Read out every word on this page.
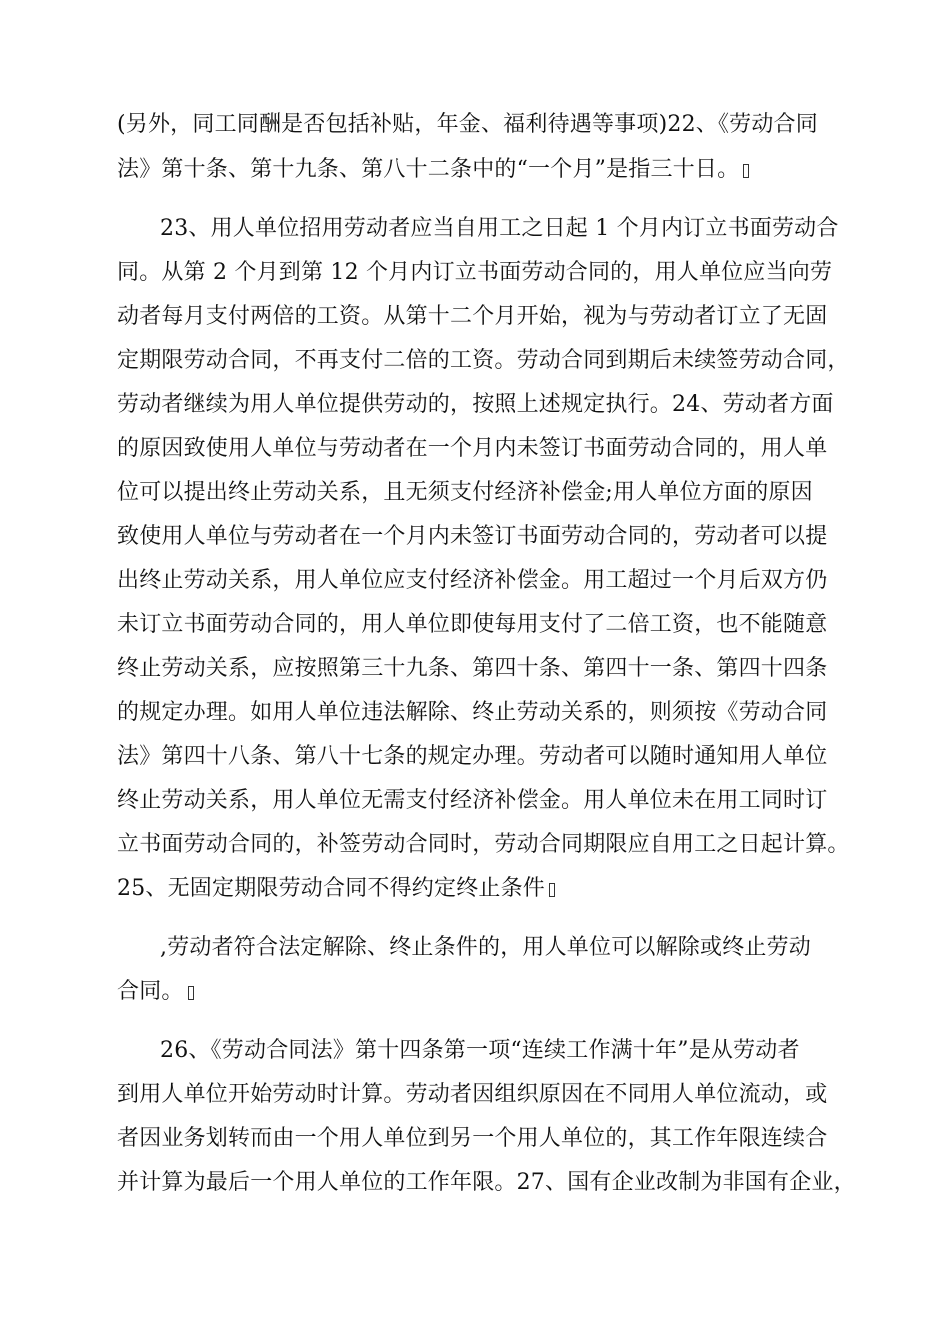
(另外，同工同酬是否包括补贴，年金、福利待遇等事项)22、《劳动合同
法》第十条、第十九条、第八十二条中的“一个月”是指三十日。
23、用人单位招用劳动者应当自用工之日起 1 个月内订立书面劳动合
同。从第 2 个月到第 12 个月内订立书面劳动合同的，用人单位应当向劳
动者每月支付两倍的工资。从第十二个月开始，视为与劳动者订立了无固
定期限劳动合同，不再支付二倍的工资。劳动合同到期后未续签劳动合同，
劳动者继续为用人单位提供劳动的，按照上述规定执行。24、劳动者方面
的原因致使用人单位与劳动者在一个月内未签订书面劳动合同的，用人单
位可以提出终止劳动关系，且无须支付经济补偿金;用人单位方面的原因
致使用人单位与劳动者在一个月内未签订书面劳动合同的，劳动者可以提
出终止劳动关系，用人单位应支付经济补偿金。用工超过一个月后双方仍
未订立书面劳动合同的，用人单位即使每用支付了二倍工资，也不能随意
终止劳动关系，应按照第三十九条、第四十条、第四十一条、第四十四条
的规定办理。如用人单位违法解除、终止劳动关系的，则须按《劳动合同
法》第四十八条、第八十七条的规定办理。劳动者可以随时通知用人单位
终止劳动关系，用人单位无需支付经济补偿金。用人单位未在用工同时订
立书面劳动合同的，补签劳动合同时，劳动合同期限应自用工之日起计算。
25、无固定期限劳动合同不得约定终止条件
,劳动者符合法定解除、终止条件的，用人单位可以解除或终止劳动
合同。
26、《劳动合同法》第十四条第一项“连续工作满十年”是从劳动者
到用人单位开始劳动时计算。劳动者因组织原因在不同用人单位流动，或
者因业务划转而由一个用人单位到另一个用人单位的，其工作年限连续合
并计算为最后一个用人单位的工作年限。27、国有企业改制为非国有企业，
